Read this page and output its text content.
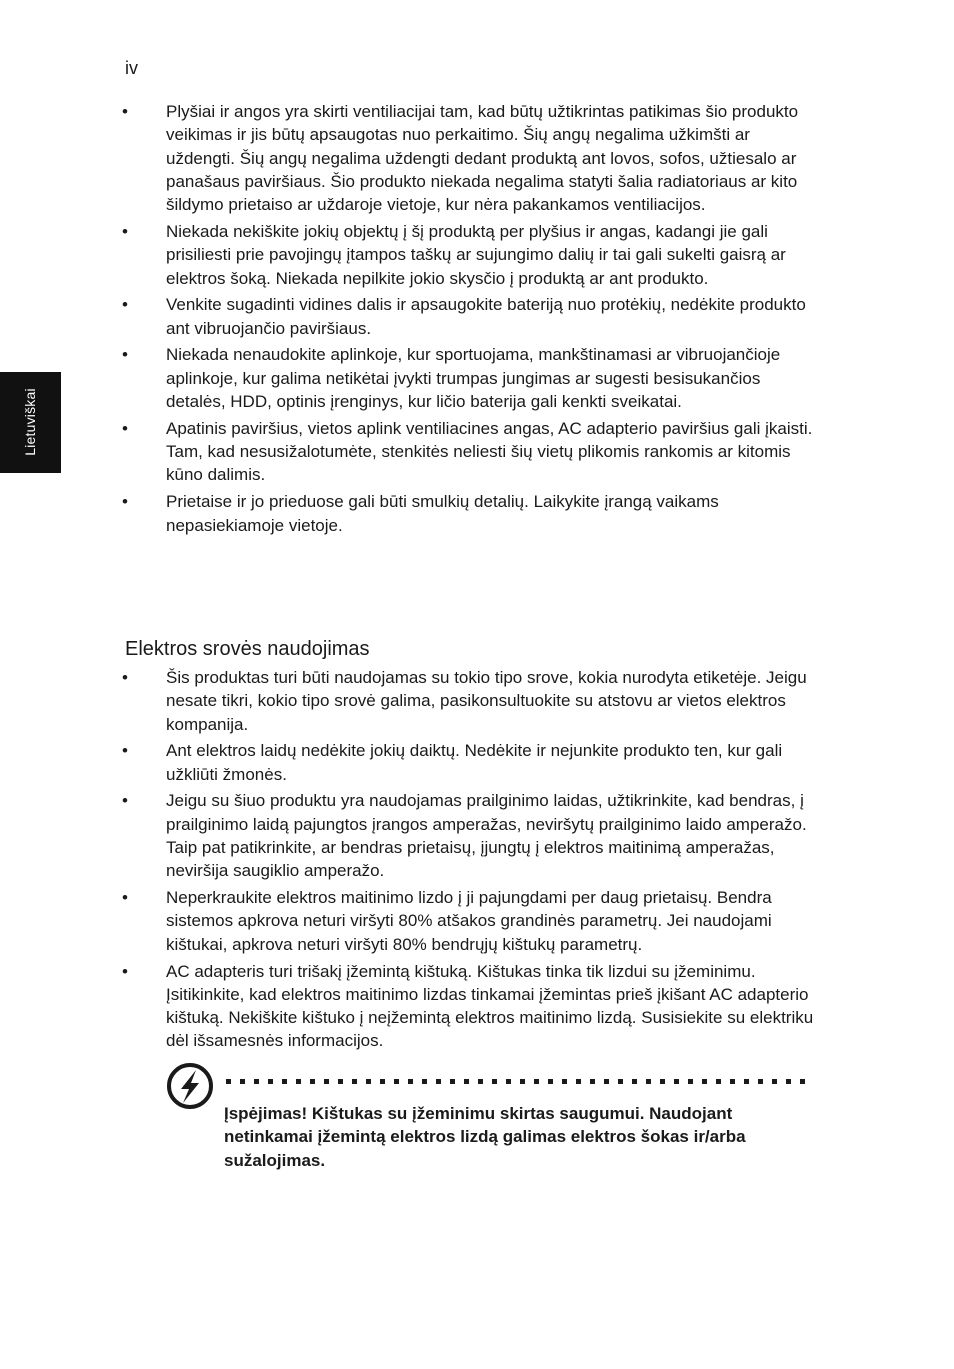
iv
Lietuviškai
• Plyšiai ir angos yra skirti ventiliacijai tam, kad būtų užtikrintas patikimas šio produkto veikimas ir jis būtų apsaugotas nuo perkaitimo. Šių angų negalima užkimšti ar uždengti. Šių angų negalima uždengti dedant produktą ant lovos, sofos, užtiesalo ar panašaus paviršiaus. Šio produkto niekada negalima statyti šalia radiatoriaus ar kito šildymo prietaiso ar uždaroje vietoje, kur nėra pakankamos ventiliacijos.
• Niekada nekiškite jokių objektų į šį produktą per plyšius ir angas, kadangi jie gali prisiliesti prie pavojingų įtampos taškų ar sujungimo dalių ir tai gali sukelti gaisrą ar elektros šoką. Niekada nepilkite jokio skysčio į produktą ar ant produkto.
• Venkite sugadinti vidines dalis ir apsaugokite bateriją nuo protėkių, nedėkite produkto ant vibruojančio paviršiaus.
• Niekada nenaudokite aplinkoje, kur sportuojama, mankštinamasi ar vibruojančioje aplinkoje, kur galima netikėtai įvykti trumpas jungimas ar sugesti besisukančios detalės, HDD, optinis įrenginys, kur ličio baterija gali kenkti sveikatai.
• Apatinis paviršius, vietos aplink ventiliacines angas, AC adapterio paviršius gali įkaisti. Tam, kad nesusižalotumėte, stenkitės neliesti šių vietų plikomis rankomis ar kitomis kūno dalimis.
• Prietaise ir jo prieduose gali būti smulkių detalių. Laikykite įrangą vaikams nepasiekiamoje vietoje.
Elektros srovės naudojimas
• Šis produktas turi būti naudojamas su tokio tipo srove, kokia nurodyta etiketėje. Jeigu nesate tikri, kokio tipo srovė galima, pasikonsultuokite su atstovu ar vietos elektros kompanija.
• Ant elektros laidų nedėkite jokių daiktų. Nedėkite ir nejunkite produkto ten, kur gali užkliūti žmonės.
• Jeigu su šiuo produktu yra naudojamas prailginimo laidas, užtikrinkite, kad bendras, į prailginimo laidą pajungtos įrangos amperažas, neviršytų prailginimo laido amperažo. Taip pat patikrinkite, ar bendras prietaisų, įjungtų į elektros maitinimą amperažas, neviršija saugiklio amperažo.
• Neperkraukite elektros maitinimo lizdo į ji pajungdami per daug prietaisų. Bendra sistemos apkrova neturi viršyti 80% atšakos grandinės parametrų. Jei naudojami kištukai, apkrova neturi viršyti 80% bendrųjų kištukų parametrų.
• AC adapteris turi trišakį įžemintą kištuką. Kištukas tinka tik lizdui su įžeminimu. Įsitikinkite, kad elektros maitinimo lizdas tinkamai įžemintas prieš įkišant AC adapterio kištuką. Nekiškite kištuko į neįžemintą elektros maitinimo lizdą. Susisiekite su elektriku dėl išsamesnės informacijos.
Įspėjimas! Kištukas su įžeminimu skirtas saugumui. Naudojant netinkamai įžemintą elektros lizdą galimas elektros šokas ir/arba sužalojimas.
